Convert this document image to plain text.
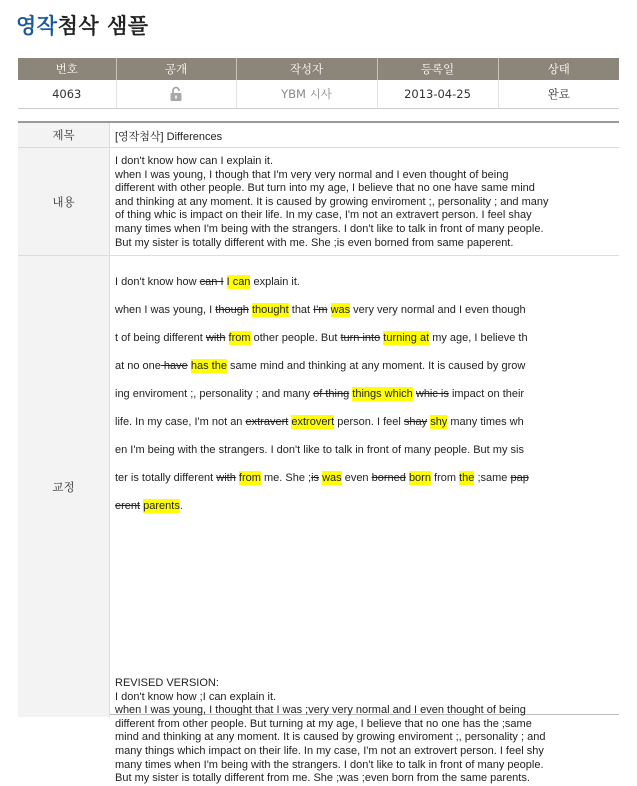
영작첨삭 샘플
번호	공개	작성자	등록일	상태
4063		YBM 시사	2013-04-25	완료
제목	[영작첨삭] Differences
내용
I don't know how can I explain it.
when I was young, I though that I'm very very normal and I even thought of being
different with other people. But turn into my age, I believe that no one have same mind
and thinking at any moment. It is caused by growing enviroment ;, personality ; and many
of thing whic is impact on their life. In my case, I'm not an extravert person. I feel shay
many times when I'm being with the strangers. I don't like to talk in front of many people.
But my sister is totally different with me. She ;is even borned from same paperent.
교정
I don't know how can I I can explain it.
when I was young, I though thought that I'm was very very normal and I even though
t of being different with from other people. But turn into turning at my age, I believe th
at no one have has the same mind and thinking at any moment. It is caused by grow
ing enviroment ;, personality ; and many of thing things which whic is impact on their
life. In my case, I'm not an extravert extrovert person. I feel shay shy many times wh
en I'm being with the strangers. I don't like to talk in front of many people. But my sis
ter is totally different with from me. She ;is was even borned born from the ;same pap
erent parents.
REVISED VERSION:
I don't know how ;I can explain it.
when I was young, I thought that I was ;very very normal and I even thought of being
different from other people. But turning at my age, I believe that no one has the ;same
mind and thinking at any moment. It is caused by growing enviroment ;, personality ; and
many things which impact on their life. In my case, I'm not an extrovert person. I feel shy
many times when I'm being with the strangers. I don't like to talk in front of many people.
But my sister is totally different from me. She ;was ;even born from the same parents.
